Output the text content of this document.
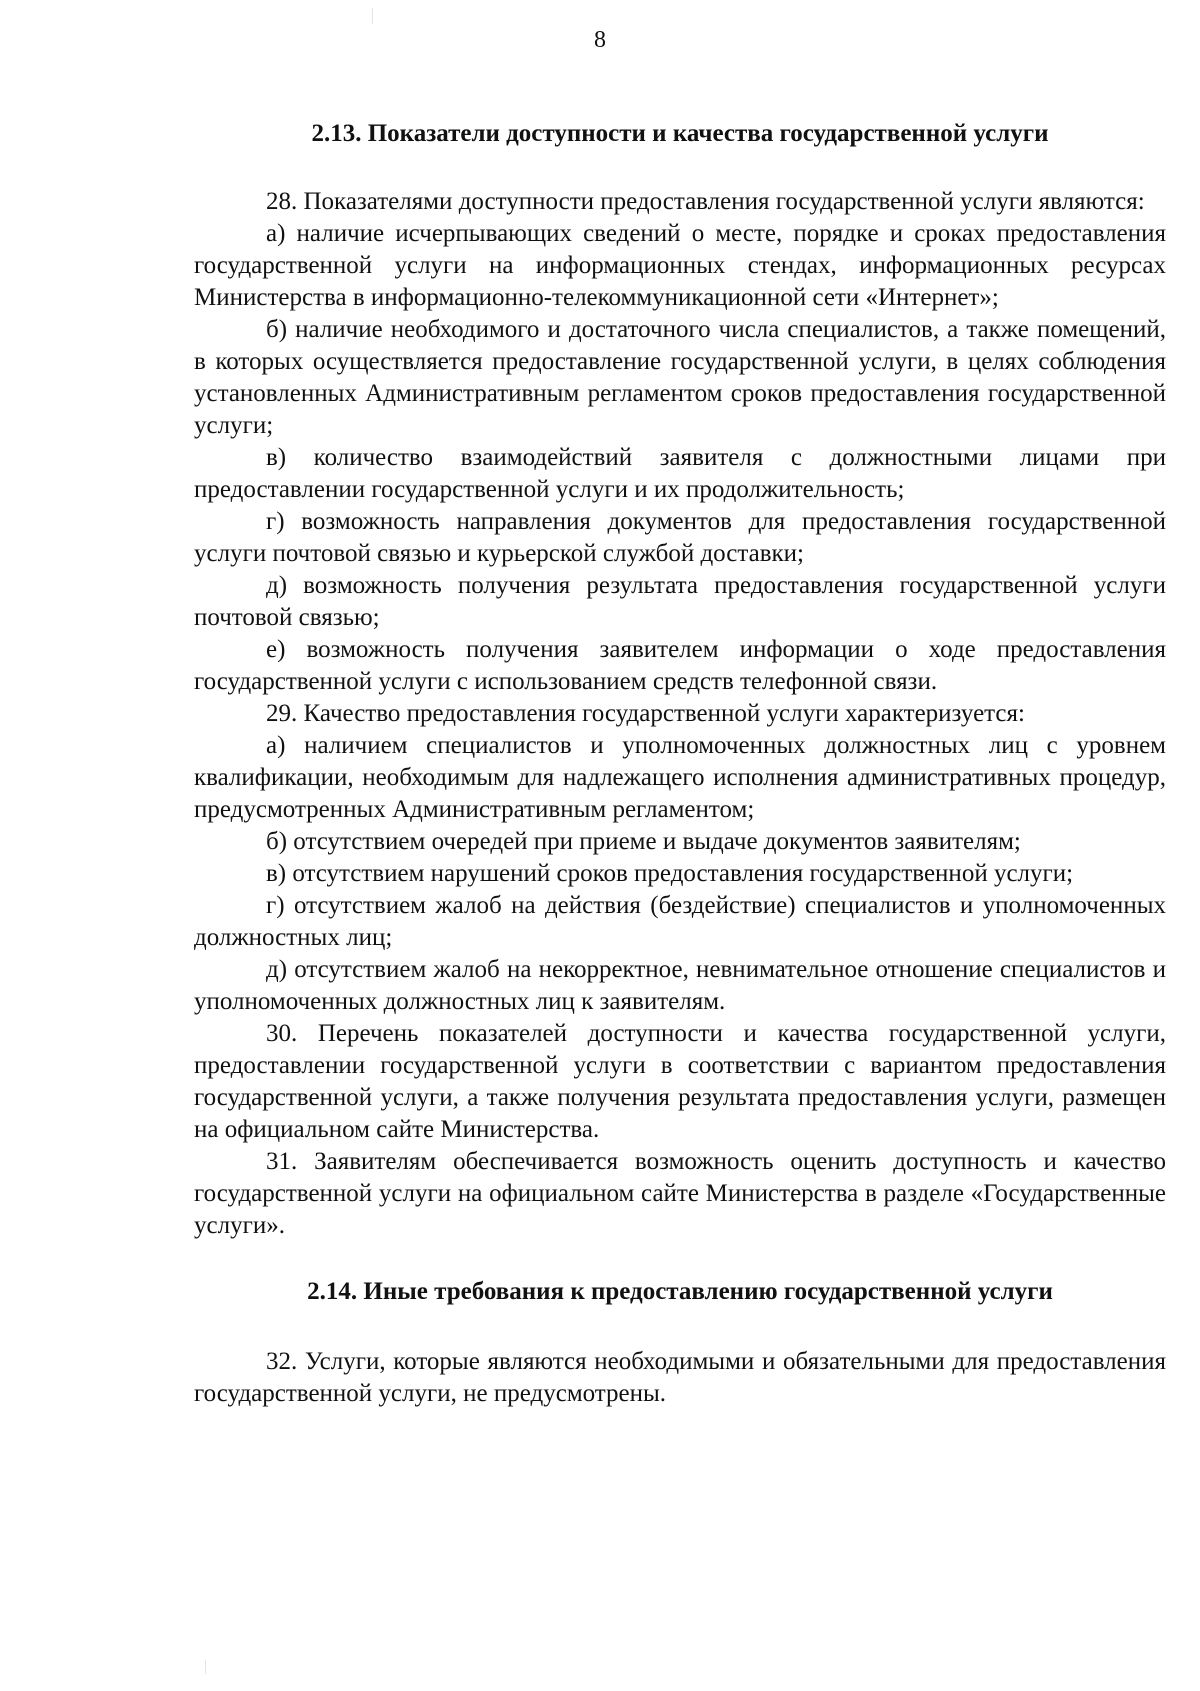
8
2.13. Показатели доступности и качества государственной услуги

28. Показателями доступности предоставления государственной услуги являются:

а) наличие исчерпывающих сведений о месте, порядке и сроках предоставления государственной услуги на информационных стендах, информационных ресурсах Министерства в информационно-телекоммуникационной сети «Интернет»;

б) наличие необходимого и достаточного числа специалистов, а также помещений, в которых осуществляется предоставление государственной услуги, в целях соблюдения установленных Административным регламентом сроков предоставления государственной услуги;

в) количество взаимодействий заявителя с должностными лицами при предоставлении государственной услуги и их продолжительность;

г) возможность направления документов для предоставления государственной услуги почтовой связью и курьерской службой доставки;

д) возможность получения результата предоставления государственной услуги почтовой связью;

е) возможность получения заявителем информации о ходе предоставления государственной услуги с использованием средств телефонной связи.

29. Качество предоставления государственной услуги характеризуется:

а) наличием специалистов и уполномоченных должностных лиц с уровнем квалификации, необходимым для надлежащего исполнения административных процедур, предусмотренных Административным регламентом;

б) отсутствием очередей при приеме и выдаче документов заявителям;

в) отсутствием нарушений сроков предоставления государственной услуги;

г) отсутствием жалоб на действия (бездействие) специалистов и уполномоченных должностных лиц;

д) отсутствием жалоб на некорректное, невнимательное отношение специалистов и уполномоченных должностных лиц к заявителям.

30. Перечень показателей доступности и качества государственной услуги, предоставлении государственной услуги в соответствии с вариантом предоставления государственной услуги, а также получения результата предоставления услуги, размещен на официальном сайте Министерства.

31. Заявителям обеспечивается возможность оценить доступность и качество государственной услуги на официальном сайте Министерства в разделе «Государственные услуги».

2.14. Иные требования к предоставлению государственной услуги

32. Услуги, которые являются необходимыми и обязательными для предоставления государственной услуги, не предусмотрены.
